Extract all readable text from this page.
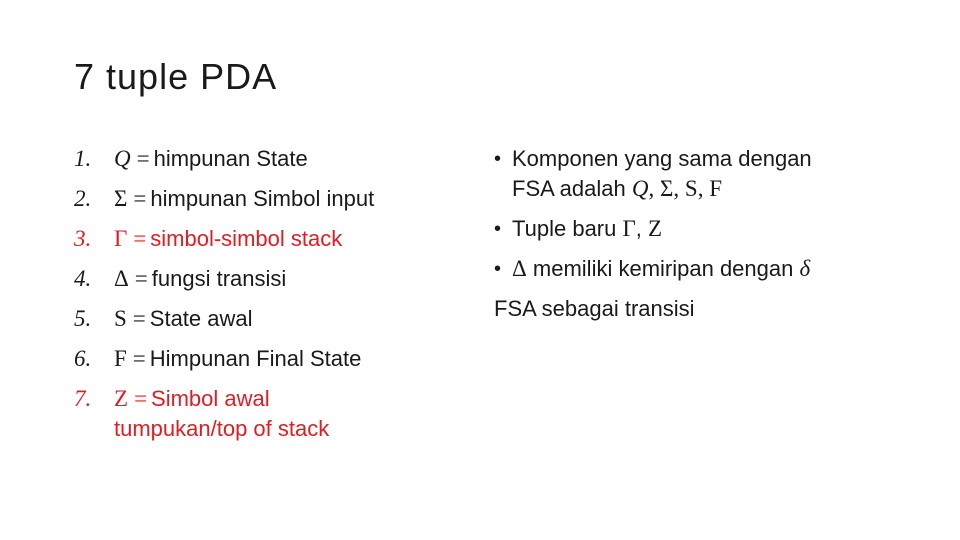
7 tuple PDA
1. Q = himpunan State
2. Σ = himpunan Simbol input
3. Γ = simbol-simbol stack
4. Δ = fungsi transisi
5. S = State awal
6. F = Himpunan Final State
7. Z = Simbol awal
tumpukan/top of stack
• Komponen yang sama dengan
FSA adalah Q, Σ, S, F
• Tuple baru Γ, Z
• Δ memiliki kemiripan dengan δ
FSA sebagai transisi
